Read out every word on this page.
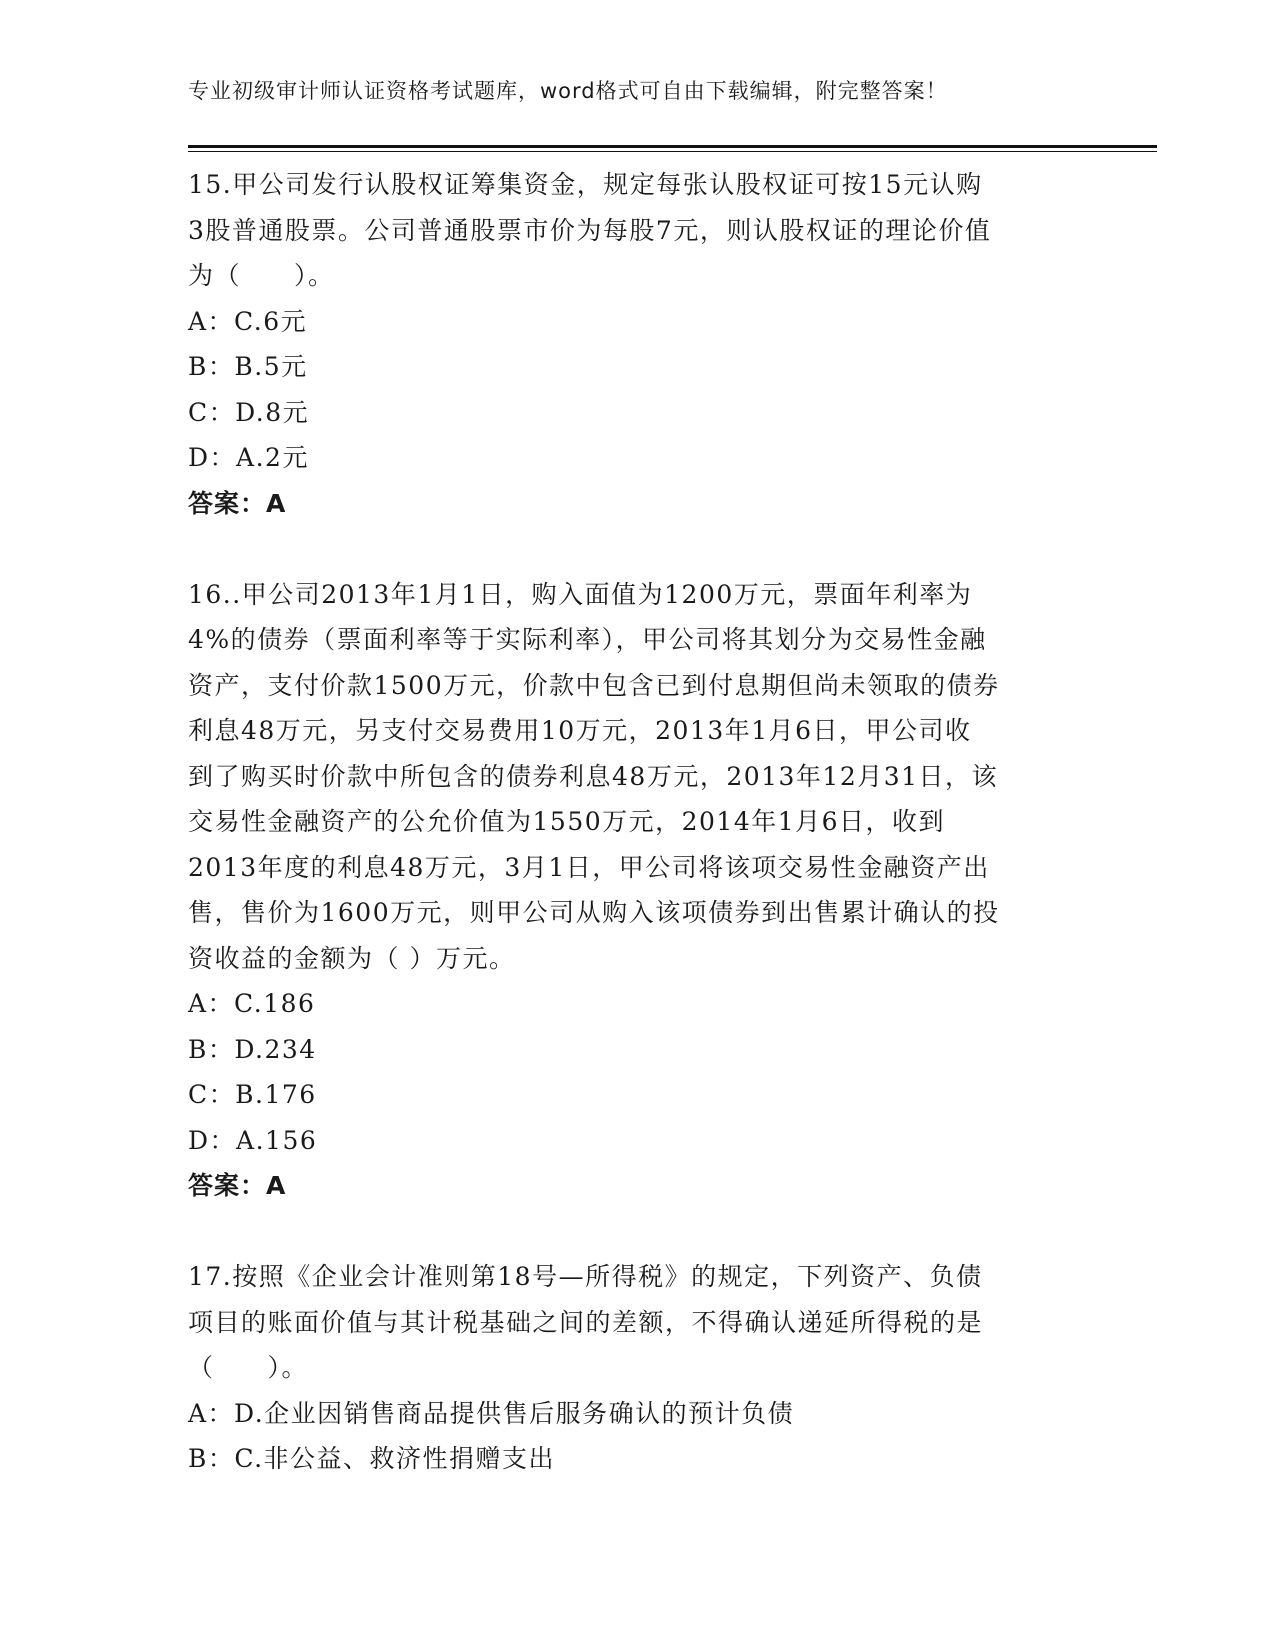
专业初级审计师认证资格考试题库，word格式可自由下载编辑，附完整答案！
15.甲公司发行认股权证筹集资金，规定每张认股权证可按15元认购
3股普通股票。公司普通股票市价为每股7元，则认股权证的理论价值
为（　　）。
A：C.6元
B：B.5元
C：D.8元
D：A.2元
答案：A
16..甲公司2013年1月1日，购入面值为1200万元，票面年利率为
4%的债券（票面利率等于实际利率），甲公司将其划分为交易性金融
资产，支付价款1500万元，价款中包含已到付息期但尚未领取的债券
利息48万元，另支付交易费用10万元，2013年1月6日，甲公司收
到了购买时价款中所包含的债券利息48万元，2013年12月31日，该
交易性金融资产的公允价值为1550万元，2014年1月6日，收到
2013年度的利息48万元，3月1日，甲公司将该项交易性金融资产出
售，售价为1600万元，则甲公司从购入该项债券到出售累计确认的投
资收益的金额为（ ）万元。
A：C.186
B：D.234
C：B.176
D：A.156
答案：A
17.按照《企业会计准则第18号—所得税》的规定，下列资产、负债
项目的账面价值与其计税基础之间的差额，不得确认递延所得税的是
（　　）。
A：D.企业因销售商品提供售后服务确认的预计负债
B：C.非公益、救济性捐赠支出
